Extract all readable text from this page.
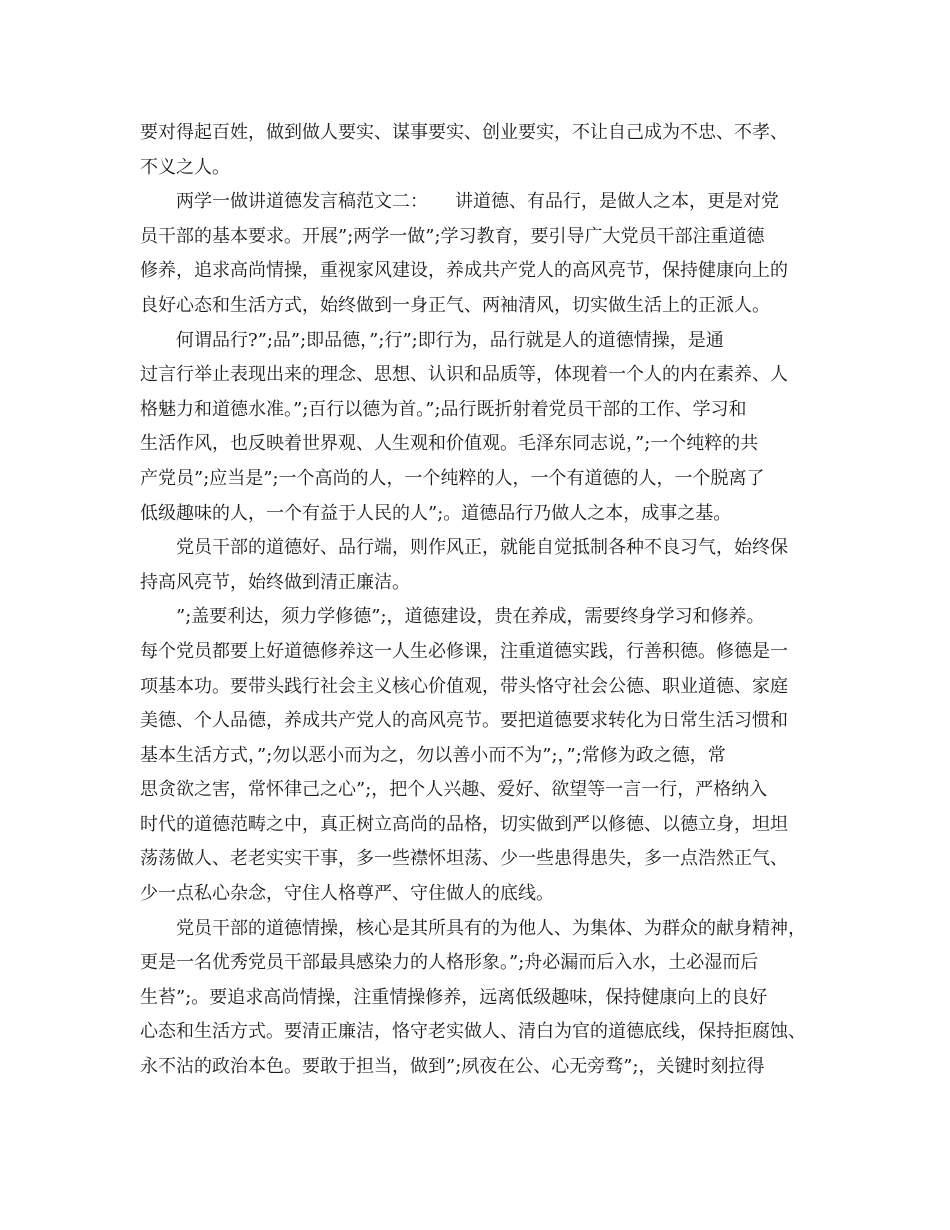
要对得起百姓，做到做人要实、谋事要实、创业要实，不让自己成为不忠、不孝、
不义之人。
两学一做讲道德发言稿范文二：　　讲道德、有品行，是做人之本，更是对党
员干部的基本要求。开展”;两学一做”;学习教育，要引导广大党员干部注重道德
修养，追求高尚情操，重视家风建设，养成共产党人的高风亮节，保持健康向上的
良好心态和生活方式，始终做到一身正气、两袖清风，切实做生活上的正派人。
何谓品行?”;品”;即品德，”;行”;即行为，品行就是人的道德情操，是通
过言行举止表现出来的理念、思想、认识和品质等，体现着一个人的内在素养、人
格魅力和道德水准。”;百行以德为首。”;品行既折射着党员干部的工作、学习和
生活作风，也反映着世界观、人生观和价值观。毛泽东同志说，”;一个纯粹的共
产党员”;应当是”;一个高尚的人，一个纯粹的人，一个有道德的人，一个脱离了
低级趣味的人，一个有益于人民的人”;。道德品行乃做人之本，成事之基。
党员干部的道德好、品行端，则作风正，就能自觉抵制各种不良习气，始终保
持高风亮节，始终做到清正廉洁。
”;盖要利达，须力学修德”;，道德建设，贵在养成，需要终身学习和修养。
每个党员都要上好道德修养这一人生必修课，注重道德实践，行善积德。修德是一
项基本功。要带头践行社会主义核心价值观，带头恪守社会公德、职业道德、家庭
美德、个人品德，养成共产党人的高风亮节。要把道德要求转化为日常生活习惯和
基本生活方式，”;勿以恶小而为之，勿以善小而不为”;，”;常修为政之德，常
思贪欲之害，常怀律己之心”;，把个人兴趣、爱好、欲望等一言一行，严格纳入
时代的道德范畴之中，真正树立高尚的品格，切实做到严以修德、以德立身，坦坦
荡荡做人、老老实实干事，多一些襟怀坦荡、少一些患得患失，多一点浩然正气、
少一点私心杂念，守住人格尊严、守住做人的底线。
党员干部的道德情操，核心是其所具有的为他人、为集体、为群众的献身精神，
更是一名优秀党员干部最具感染力的人格形象。”;舟必漏而后入水，土必湿而后
生苔”;。要追求高尚情操，注重情操修养，远离低级趣味，保持健康向上的良好
心态和生活方式。要清正廉洁，恪守老实做人、清白为官的道德底线，保持拒腐蚀、
永不沾的政治本色。要敢于担当，做到”;夙夜在公、心无旁骛”;，关键时刻拉得
